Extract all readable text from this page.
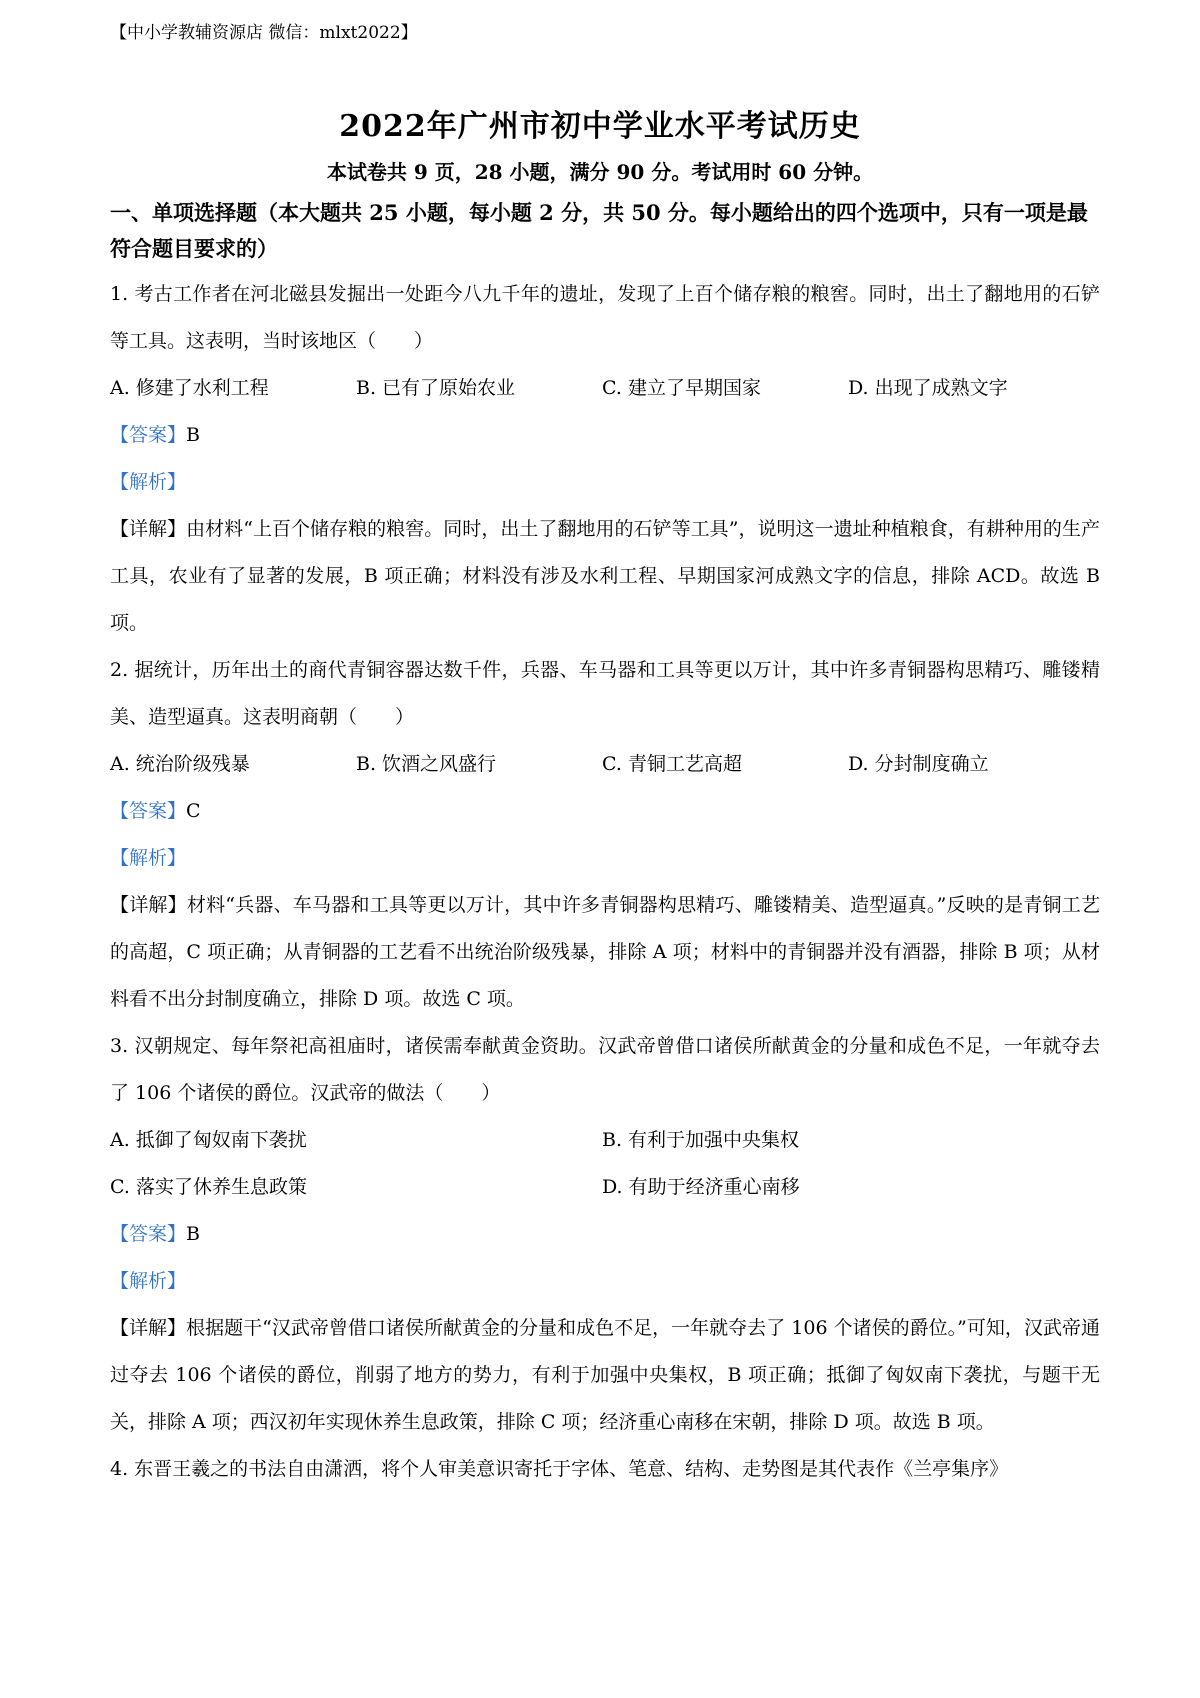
【中小学教辅资源店 微信：mlxt2022】
2022年广州市初中学业水平考试历史
本试卷共 9 页，28 小题，满分 90 分。考试用时 60 分钟。
一、单项选择题（本大题共 25 小题，每小题 2 分，共 50 分。每小题给出的四个选项中，只有一项是最符合题目要求的）

1. 考古工作者在河北磁县发掘出一处距今八九千年的遗址，发现了上百个储存粮的粮窖。同时，出土了翻地用的石铲等工具。这表明，当时该地区（　　）

A. 修建了水利工程	B. 已有了原始农业	C. 建立了早期国家	D. 出现了成熟文字
【答案】B
【解析】

【详解】由材料“上百个储存粮的粮窖。同时，出土了翻地用的石铲等工具”，说明这一遗址种植粮食，有耕种用的生产工具，农业有了显著的发展，B 项正确；材料没有涉及水利工程、早期国家河成熟文字的信息，排除 ACD。故选 B 项。

2. 据统计，历年出土的商代青铜容器达数千件，兵器、车马器和工具等更以万计，其中许多青铜器构思精巧、雕镂精美、造型逼真。这表明商朝（　　）

A. 统治阶级残暴	B. 饮酒之风盛行	C. 青铜工艺高超	D. 分封制度确立
【答案】C
【解析】

【详解】材料“兵器、车马器和工具等更以万计，其中许多青铜器构思精巧、雕镂精美、造型逼真。”反映的是青铜工艺的高超，C 项正确；从青铜器的工艺看不出统治阶级残暴，排除 A 项；材料中的青铜器并没有酒器，排除 B 项；从材料看不出分封制度确立，排除 D 项。故选 C 项。

3. 汉朝规定、每年祭祀高祖庙时，诸侯需奉献黄金资助。汉武帝曾借口诸侯所献黄金的分量和成色不足，一年就夺去了 106 个诸侯的爵位。汉武帝的做法（　　）

A. 抵御了匈奴南下袭扰	B. 有利于加强中央集权
C. 落实了休养生息政策	D. 有助于经济重心南移
【答案】B
【解析】

【详解】根据题干“汉武帝曾借口诸侯所献黄金的分量和成色不足，一年就夺去了 106 个诸侯的爵位。”可知，汉武帝通过夺去 106 个诸侯的爵位，削弱了地方的势力，有利于加强中央集权，B 项正确；抵御了匈奴南下袭扰，与题干无关，排除 A 项；西汉初年实现休养生息政策，排除 C 项；经济重心南移在宋朝，排除 D 项。故选 B 项。

4. 东晋王羲之的书法自由潇洒，将个人审美意识寄托于字体、笔意、结构、走势图是其代表作《兰亭集序》
